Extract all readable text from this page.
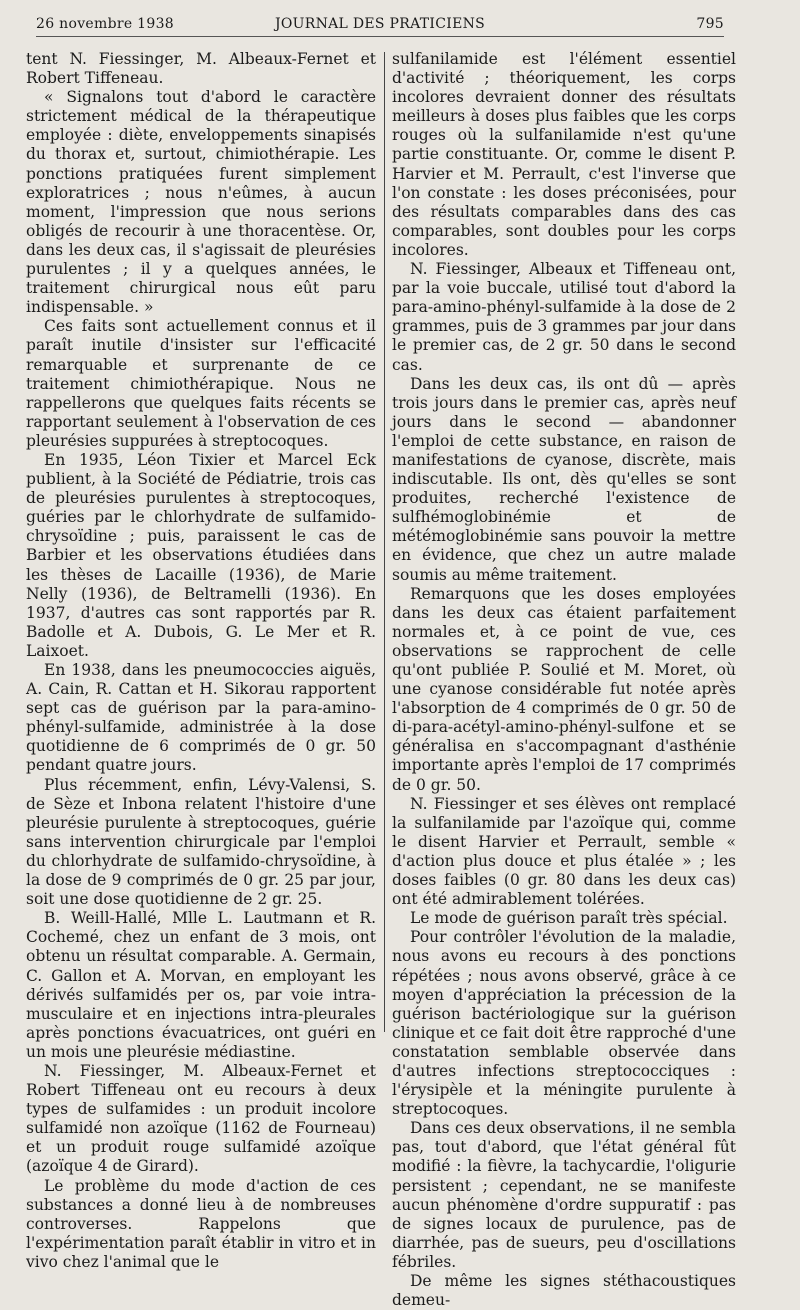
26 novembre 1938	JOURNAL DES PRATICIENS	795

tent N. Fiessinger, M. Albeaux-Fernet et Robert Tiffeneau.

« Signalons tout d'abord le caractère strictement médical de la thérapeutique employée : diète, enveloppements sinapisés du thorax et, surtout, chimiothérapie. Les ponctions pratiquées furent simplement exploratrices ; nous n'eûmes, à aucun moment, l'impression que nous serions obligés de recourir à une thoracentèse. Or, dans les deux cas, il s'agissait de pleurésies purulentes ; il y a quelques années, le traitement chirurgical nous eût paru indispensable. »

Ces faits sont actuellement connus et il paraît inutile d'insister sur l'efficacité remarquable et surprenante de ce traitement chimiothérapique. Nous ne rappellerons que quelques faits récents se rapportant seulement à l'observation de ces pleurésies suppurées à streptocoques.

En 1935, Léon Tixier et Marcel Eck publient, à la Société de Pédiatrie, trois cas de pleurésies purulentes à streptocoques, guéries par le chlorhydrate de sulfamido-chrysoïdine ; puis, paraissent le cas de Barbier et les observations étudiées dans les thèses de Lacaille (1936), de Marie Nelly (1936), de Beltramelli (1936). En 1937, d'autres cas sont rapportés par R. Badolle et A. Dubois, G. Le Mer et R. Laixoet.

En 1938, dans les pneumococcies aiguës, A. Cain, R. Cattan et H. Sikorau rapportent sept cas de guérison par la para-amino-phényl-sulfamide, administrée à la dose quotidienne de 6 comprimés de 0 gr. 50 pendant quatre jours.

Plus récemment, enfin, Lévy-Valensi, S. de Sèze et Inbona relatent l'histoire d'une pleurésie purulente à streptocoques, guérie sans intervention chirurgicale par l'emploi du chlorhydrate de sulfamido-chrysoïdine, à la dose de 9 comprimés de 0 gr. 25 par jour, soit une dose quotidienne de 2 gr. 25.

B. Weill-Hallé, Mlle L. Lautmann et R. Cochemé, chez un enfant de 3 mois, ont obtenu un résultat comparable. A. Germain, C. Gallon et A. Morvan, en employant les dérivés sulfamidés per os, par voie intra-musculaire et en injections intra-pleurales après ponctions évacuatrices, ont guéri en un mois une pleurésie médiastine.

N. Fiessinger, M. Albeaux-Fernet et Robert Tiffeneau ont eu recours à deux types de sulfamides : un produit incolore sulfamidé non azoïque (1162 de Fourneau) et un produit rouge sulfamidé azoïque (azoïque 4 de Girard).

Le problème du mode d'action de ces substances a donné lieu à de nombreuses controverses. Rappelons que l'expérimentation paraît établir in vitro et in vivo chez l'animal que le

sulfanilamide est l'élément essentiel d'activité ; théoriquement, les corps incolores devraient donner des résultats meilleurs à doses plus faibles que les corps rouges où la sulfanilamide n'est qu'une partie constituante. Or, comme le disent P. Harvier et M. Perrault, c'est l'inverse que l'on constate : les doses préconisées, pour des résultats comparables dans des cas comparables, sont doubles pour les corps incolores.

N. Fiessinger, Albeaux et Tiffeneau ont, par la voie buccale, utilisé tout d'abord la para-amino-phényl-sulfamide à la dose de 2 grammes, puis de 3 grammes par jour dans le premier cas, de 2 gr. 50 dans le second cas.

Dans les deux cas, ils ont dû — après trois jours dans le premier cas, après neuf jours dans le second — abandonner l'emploi de cette substance, en raison de manifestations de cyanose, discrète, mais indiscutable. Ils ont, dès qu'elles se sont produites, recherché l'existence de sulfhémoglobinémie et de métémoglobinémie sans pouvoir la mettre en évidence, que chez un autre malade soumis au même traitement.

Remarquons que les doses employées dans les deux cas étaient parfaitement normales et, à ce point de vue, ces observations se rapprochent de celle qu'ont publiée P. Soulié et M. Moret, où une cyanose considérable fut notée après l'absorption de 4 comprimés de 0 gr. 50 de di-para-acétyl-amino-phényl-sulfone et se généralisa en s'accompagnant d'asthénie importante après l'emploi de 17 comprimés de 0 gr. 50.

N. Fiessinger et ses élèves ont remplacé la sulfanilamide par l'azoïque qui, comme le disent Harvier et Perrault, semble « d'action plus douce et plus étalée » ; les doses faibles (0 gr. 80 dans les deux cas) ont été admirablement tolérées.

Le mode de guérison paraît très spécial.

Pour contrôler l'évolution de la maladie, nous avons eu recours à des ponctions répétées ; nous avons observé, grâce à ce moyen d'appréciation la précession de la guérison bactériologique sur la guérison clinique et ce fait doit être rapproché d'une constatation semblable observée dans d'autres infections streptococciques : l'érysipèle et la méningite purulente à streptocoques.

Dans ces deux observations, il ne sembla pas, tout d'abord, que l'état général fût modifié : la fièvre, la tachycardie, l'oligurie persistent ; cependant, ne se manifeste aucun phénomène d'ordre suppuratif : pas de signes locaux de purulence, pas de diarrhée, pas de sueurs, peu d'oscillations fébriles.

De même les signes stéthacoustiques demeu-
